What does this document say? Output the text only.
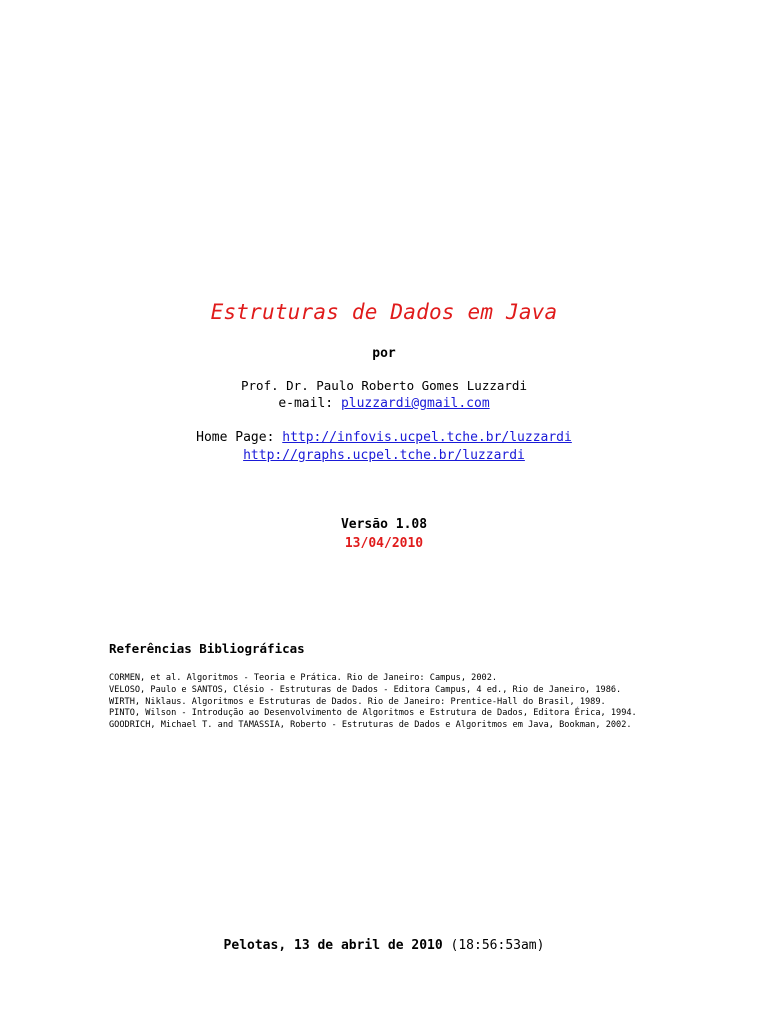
Estruturas de Dados em Java
por
Prof. Dr. Paulo Roberto Gomes Luzzardi
e-mail: pluzzardi@gmail.com
Home Page: http://infovis.ucpel.tche.br/luzzardi
http://graphs.ucpel.tche.br/luzzardi
Versão 1.08
13/04/2010
Referências Bibliográficas

CORMEN, et al. Algoritmos - Teoria e Prática. Rio de Janeiro: Campus, 2002.

VELOSO, Paulo e SANTOS, Clésio - Estruturas de Dados - Editora Campus, 4 ed., Rio de Janeiro, 1986.

WIRTH, Niklaus. Algoritmos e Estruturas de Dados. Rio de Janeiro: Prentice-Hall do Brasil, 1989.

PINTO, Wilson - Introdução ao Desenvolvimento de Algoritmos e Estrutura de Dados, Editora Érica, 1994.

GOODRICH, Michael T. and TAMASSIA, Roberto - Estruturas de Dados e Algoritmos em Java, Bookman, 2002.

Pelotas, 13 de abril de 2010 (18:56:53am)
